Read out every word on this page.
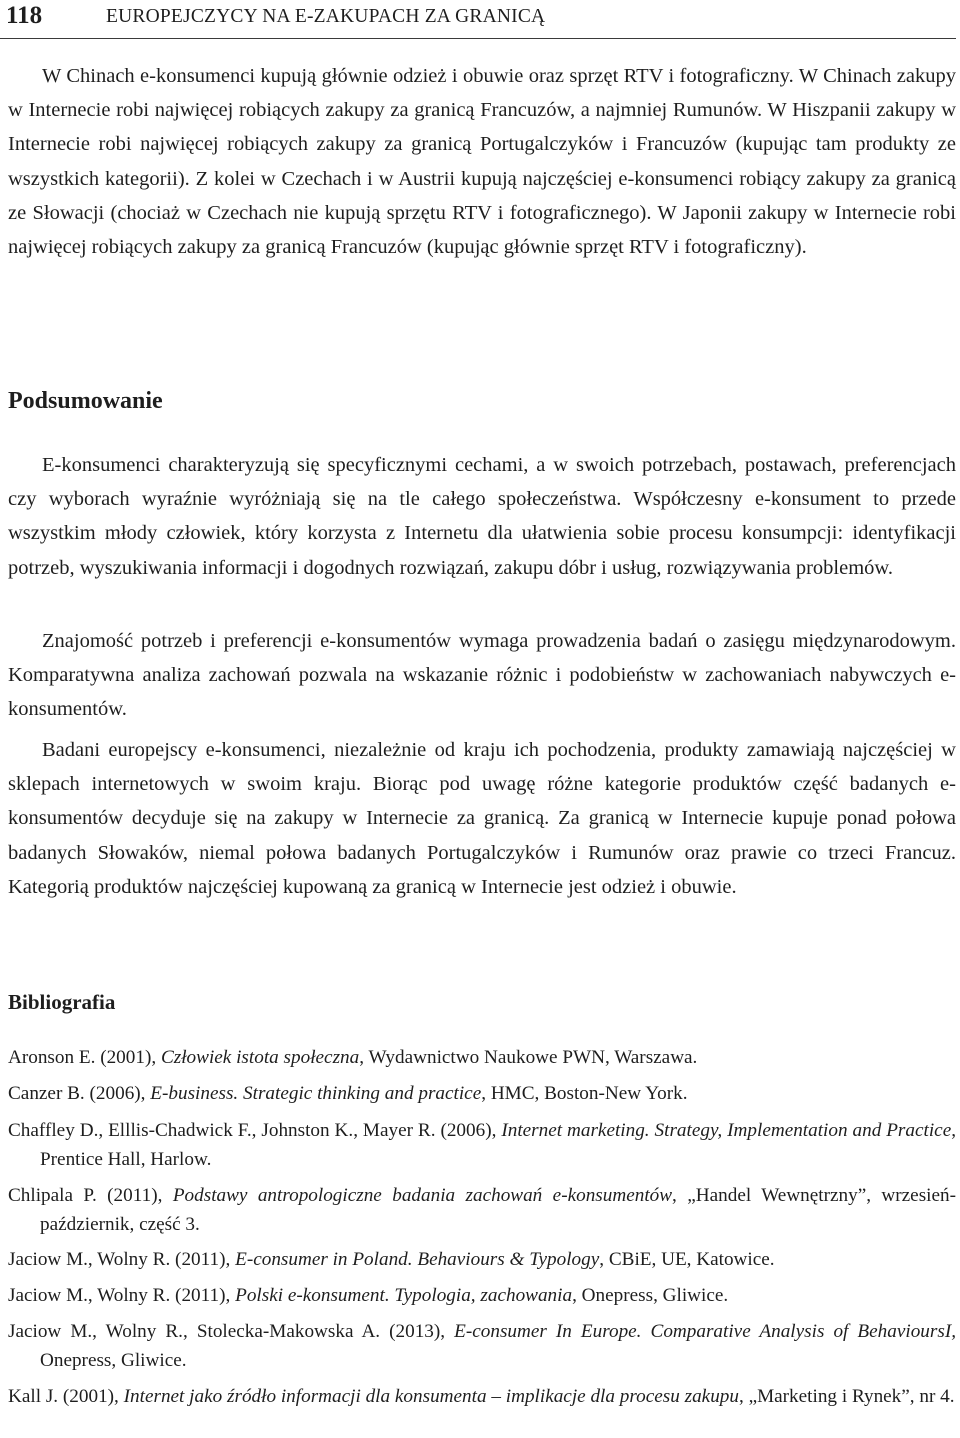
118	EUROPEJCZYCY NA E-ZAKUPACH ZA GRANICĄ

W Chinach e-konsumenci kupują głównie odzież i obuwie oraz sprzęt RTV i fotograficzny. W Chinach zakupy w Internecie robi najwięcej robiących zakupy za granicą Francuzów, a najmniej Rumunów. W Hiszpanii zakupy w Internecie robi najwięcej robiących zakupy za granicą Portugalczyków i Francuzów (kupując tam produkty ze wszystkich kategorii). Z kolei w Czechach i w Austrii kupują najczęściej e-konsumenci robiący zakupy za granicą ze Słowacji (chociaż w Czechach nie kupują sprzętu RTV i fotograficznego). W Japonii zakupy w Internecie robi najwięcej robiących zakupy za granicą Francuzów (kupując głównie sprzęt RTV i fotograficzny).

Podsumowanie

E-konsumenci charakteryzują się specyficznymi cechami, a w swoich potrzebach, postawach, preferencjach czy wyborach wyraźnie wyróżniają się na tle całego społeczeństwa. Współczesny e-konsument to przede wszystkim młody człowiek, który korzysta z Internetu dla ułatwienia sobie procesu konsumpcji: identyfikacji potrzeb, wyszukiwania informacji i dogodnych rozwiązań, zakupu dóbr i usług, rozwiązywania problemów.

Znajomość potrzeb i preferencji e-konsumentów wymaga prowadzenia badań o zasięgu międzynarodowym. Komparatywna analiza zachowań pozwala na wskazanie różnic i podobieństw w zachowaniach nabywczych e-konsumentów.

Badani europejscy e-konsumenci, niezależnie od kraju ich pochodzenia, produkty zamawiają najczęściej w sklepach internetowych w swoim kraju. Biorąc pod uwagę różne kategorie produktów część badanych e-konsumentów decyduje się na zakupy w Internecie za granicą. Za granicą w Internecie kupuje ponad połowa badanych Słowaków, niemal połowa badanych Portugalczyków i Rumunów oraz prawie co trzeci Francuz. Kategorią produktów najczęściej kupowaną za granicą w Internecie jest odzież i obuwie.

Bibliografia

Aronson E. (2001), Człowiek istota społeczna, Wydawnictwo Naukowe PWN, Warszawa.

Canzer B. (2006), E-business. Strategic thinking and practice, HMC, Boston-New York.

Chaffley D., Elllis-Chadwick F., Johnston K., Mayer R. (2006), Internet marketing. Strategy, Implementation and Practice, Prentice Hall, Harlow.

Chlipala P. (2011), Podstawy antropologiczne badania zachowań e-konsumentów, „Handel Wewnętrzny”, wrzesień-październik, część 3.

Jaciow M., Wolny R. (2011), E-consumer in Poland. Behaviours & Typology, CBiE, UE, Katowice.

Jaciow M., Wolny R. (2011), Polski e-konsument. Typologia, zachowania, Onepress, Gliwice.

Jaciow M., Wolny R., Stolecka-Makowska A. (2013), E-consumer In Europe. Comparative Analysis of BehavioursI, Onepress, Gliwice.

Kall J. (2001), Internet jako źródło informacji dla konsumenta – implikacje dla procesu zakupu, „Marketing i Rynek”, nr 4.
